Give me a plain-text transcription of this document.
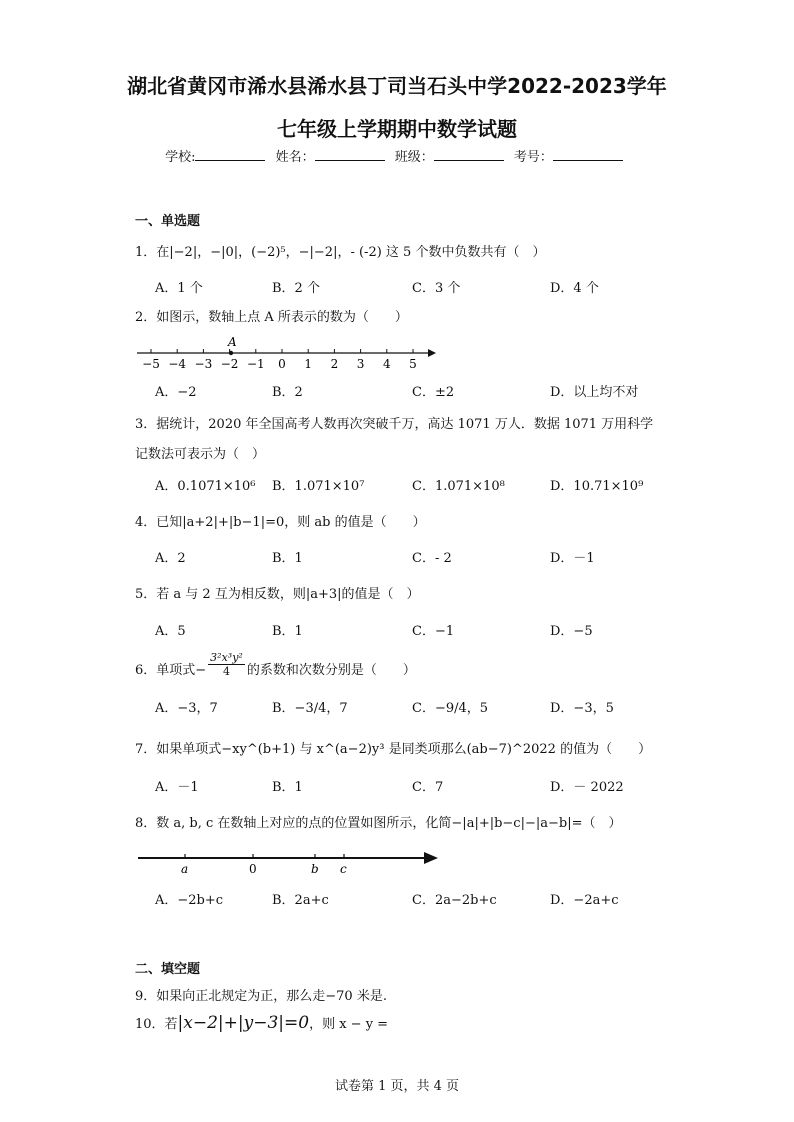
湖北省黄冈市浠水县浠水县丁司当石头中学2022-2023学年
七年级上学期期中数学试题
学校:	姓名：	班级：	考号：
一、单选题
1．在|−2|，−|0|，(−2)⁵，−|−2|，- (-2) 这 5 个数中负数共有（　）
A．1 个	B．2 个	C．3 个	D．4 个
2．如图示，数轴上点 A 所表示的数为（　　）
−5 −4 −3 −2 −1 0 1 2 3 4 5
A
A．−2	B．2	C．±2	D．以上均不对
3．据统计，2020 年全国高考人数再次突破千万，高达 1071 万人．数据 1071 万用科学
记数法可表示为（　）
A．0.1071×10⁶ B．1.071×10⁷	C．1.071×10⁸	D．10.71×10⁹
4．已知|a+2|+|b−1|=0，则 ab 的值是（　　）
A．2	B．1	C．- 2	D．－1
5．若 a 与 2 互为相反数，则|a+3|的值是（　）
A．5	B．1	C．−1	D．−5
6．单项式− $\frac{\text{3²x³y²}}{4}$ 的系数和次数分别是（　　）
A．−3，7	B．−3/4，7	C．−9/4，5	D．−3，5
7．如果单项式−xy^(b+1) 与 x^(a−2)y³ 是同类项那么(ab−7)^2022 的值为（　　）
A．－1	B．1	C．7	D．－ 2022
8．数 a, b, c 在数轴上对应的点的位置如图所示，化简−|a|+|b−c|−|a−b|=（　）
a	0	b c
A．−2b+c	B．2a+c	C．2a−2b+c	D．−2a+c
二、填空题
9．如果向正北规定为正，那么走−70 米是.
10．若|x−2|+|y−3|=0，则 x − y =
试卷第 1 页，共 4 页
